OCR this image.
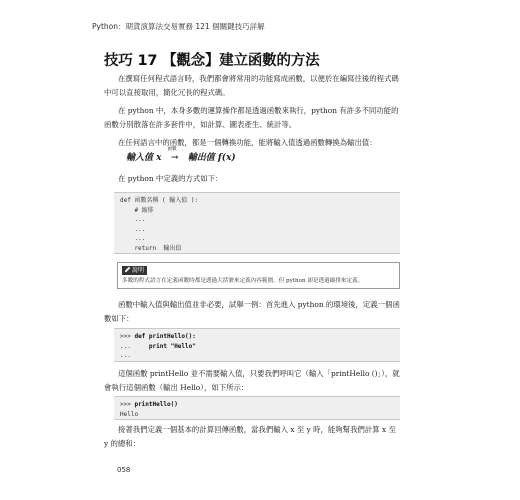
Python：期貨演算法交易實務 121 個關鍵技巧詳解
技巧 17 【觀念】建立函數的方法
在撰寫任何程式語言時，我們都會將常用的功能寫成函數，以便於在編寫往後的程式碼中可以直接取用，簡化冗長的程式碼。
在 python 中，本身多數的運算操作都是透過函數來執行，python 有許多不同功能的函數分別散落在許多套件中，如計算、圖表產生、統計等。
在任何語言中的函數，都是一個轉換功能，能將輸入值透過函數轉換為輸出值：
輸入值 x
函數
→ 輸出值 f(x)
在 python 中定義的方式如下：
def 函數名稱 ( 輸入值 ):
# 縮排
...
...
...
return  輸出值
說明
多數的程式語言在定義函數時都是透過大括號來定義內容範圍，但 python 卻是透過縮排來定義。
函數中輸入值與輸出值並非必要，試舉一例：首先進入 python 的環境後，定義一個函數如下：
>>> def printHello():
...     print "Hello"
...
這個函數 printHello 並不需要輸入值，只要我們呼叫它（輸入「printHello ()」），就會執行這個函數（輸出 Hello），如下所示：
>>> printHello()
Hello
接著我們定義一個基本的計算回傳函數，當我們輸入 x 至 y 時，能夠幫我們計算 x 至 y 的總和：
058
